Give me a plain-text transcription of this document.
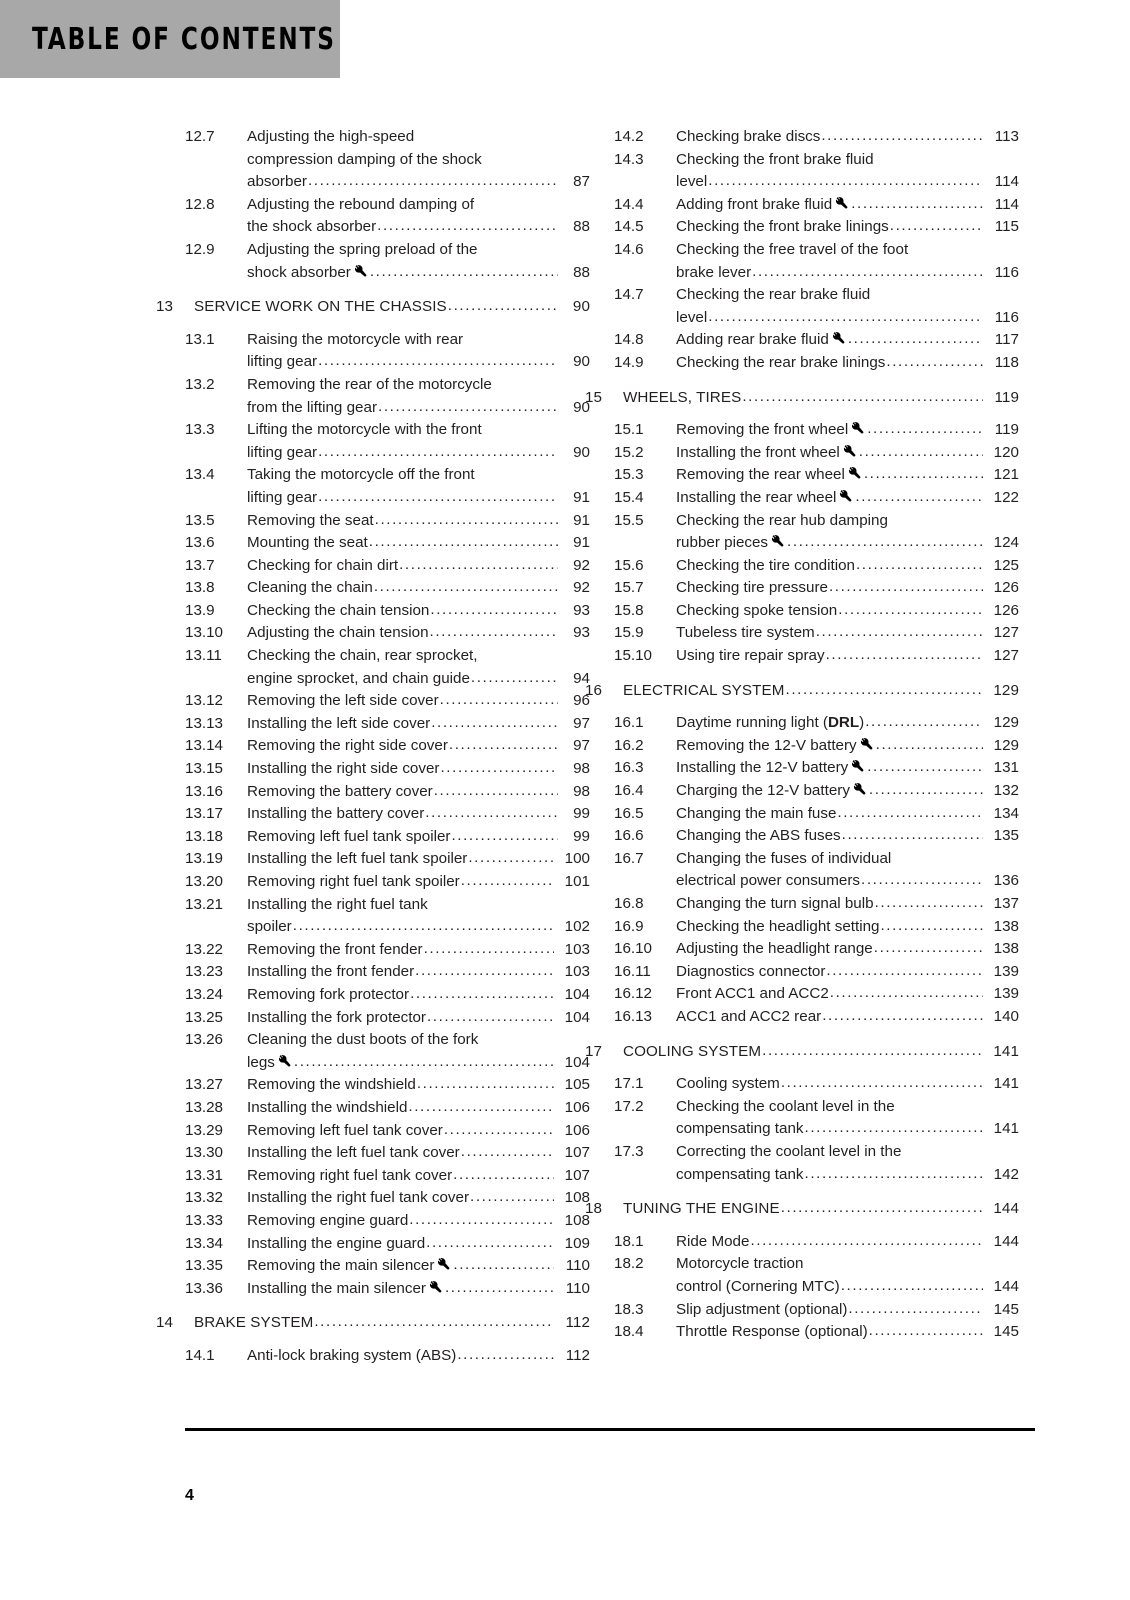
TABLE OF CONTENTS
12.7	Adjusting the high-speed
compression damping of the shock
absorber .....	87
12.8	Adjusting the rebound damping of
the shock absorber .....	88
12.9	Adjusting the spring preload of the
shock absorber .....	88
13	SERVICE WORK ON THE CHASSIS .....	90
13.1	Raising the motorcycle with rear
lifting gear .....	90
13.2	Removing the rear of the motorcycle
from the lifting gear .....	90
13.3	Lifting the motorcycle with the front
lifting gear .....	90
13.4	Taking the motorcycle off the front
lifting gear .....	91
13.5	Removing the seat .....	91
13.6	Mounting the seat .....	91
13.7	Checking for chain dirt .....	92
13.8	Cleaning the chain .....	92
13.9	Checking the chain tension .....	93
13.10	Adjusting the chain tension .....	93
13.11	Checking the chain, rear sprocket,
engine sprocket, and chain guide .....	94
13.12	Removing the left side cover .....	96
13.13	Installing the left side cover .....	97
13.14	Removing the right side cover .....	97
13.15	Installing the right side cover .....	98
13.16	Removing the battery cover .....	98
13.17	Installing the battery cover .....	99
13.18	Removing left fuel tank spoiler .....	99
13.19	Installing the left fuel tank spoiler .....	100
13.20	Removing right fuel tank spoiler .....	101
13.21	Installing the right fuel tank
spoiler .....	102
13.22	Removing the front fender .....	103
13.23	Installing the front fender .....	103
13.24	Removing fork protector .....	104
13.25	Installing the fork protector .....	104
13.26	Cleaning the dust boots of the fork
legs .....	104
13.27	Removing the windshield .....	105
13.28	Installing the windshield .....	106
13.29	Removing left fuel tank cover .....	106
13.30	Installing the left fuel tank cover .....	107
13.31	Removing right fuel tank cover .....	107
13.32	Installing the right fuel tank cover .....	108
13.33	Removing engine guard .....	108
13.34	Installing the engine guard .....	109
13.35	Removing the main silencer .....	110
13.36	Installing the main silencer .....	110
14	BRAKE SYSTEM .....	112
14.1	Anti-lock braking system (ABS) .....	112
14.2	Checking brake discs .....	113
14.3	Checking the front brake fluid
level .....	114
14.4	Adding front brake fluid .....	114
14.5	Checking the front brake linings .....	115
14.6	Checking the free travel of the foot
brake lever .....	116
14.7	Checking the rear brake fluid
level .....	116
14.8	Adding rear brake fluid .....	117
14.9	Checking the rear brake linings .....	118
15	WHEELS, TIRES .....	119
15.1	Removing the front wheel .....	119
15.2	Installing the front wheel .....	120
15.3	Removing the rear wheel .....	121
15.4	Installing the rear wheel .....	122
15.5	Checking the rear hub damping
rubber pieces .....	124
15.6	Checking the tire condition .....	125
15.7	Checking tire pressure .....	126
15.8	Checking spoke tension .....	126
15.9	Tubeless tire system .....	127
15.10	Using tire repair spray .....	127
16	ELECTRICAL SYSTEM .....	129
16.1	Daytime running light ( DRL ) .....	129
16.2	Removing the 12-V battery .....	129
16.3	Installing the 12-V battery .....	131
16.4	Charging the 12-V battery .....	132
16.5	Changing the main fuse .....	134
16.6	Changing the ABS fuses .....	135
16.7	Changing the fuses of individual
electrical power consumers .....	136
16.8	Changing the turn signal bulb .....	137
16.9	Checking the headlight setting .....	138
16.10	Adjusting the headlight range .....	138
16.11	Diagnostics connector .....	139
16.12	Front ACC1 and ACC2 .....	139
16.13	ACC1 and ACC2 rear .....	140
17	COOLING SYSTEM .....	141
17.1	Cooling system .....	141
17.2	Checking the coolant level in the
compensating tank .....	141
17.3	Correcting the coolant level in the
compensating tank .....	142
18	TUNING THE ENGINE .....	144
18.1	Ride Mode .....	144
18.2	Motorcycle traction
control (Cornering MTC) .....	144
18.3	Slip adjustment (optional) .....	145
18.4	Throttle Response (optional) .....	145
4
